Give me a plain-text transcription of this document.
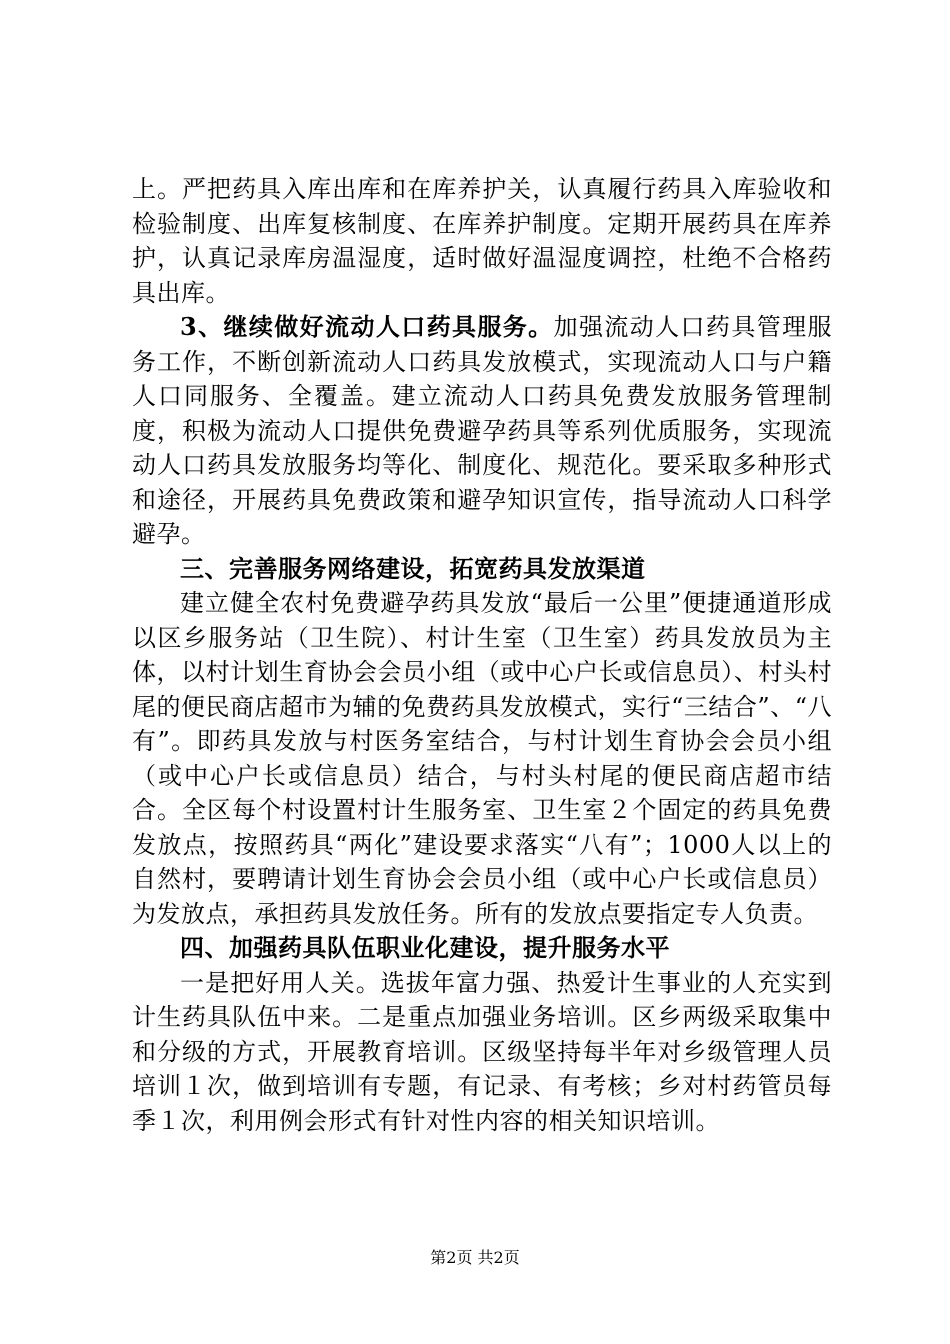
上。严把药具入库出库和在库养护关，认真履行药具入库验收和检验制度、出库复核制度、在库养护制度。定期开展药具在库养护，认真记录库房温湿度，适时做好温湿度调控，杜绝不合格药具出库。

3、继续做好流动人口药具服务。加强流动人口药具管理服务工作，不断创新流动人口药具发放模式，实现流动人口与户籍人口同服务、全覆盖。建立流动人口药具免费发放服务管理制度，积极为流动人口提供免费避孕药具等系列优质服务，实现流动人口药具发放服务均等化、制度化、规范化。要采取多种形式和途径，开展药具免费政策和避孕知识宣传，指导流动人口科学避孕。

三、完善服务网络建设，拓宽药具发放渠道

建立健全农村免费避孕药具发放“最后一公里”便捷通道形成以区乡服务站（卫生院）、村计生室（卫生室）药具发放员为主体，以村计划生育协会会员小组（或中心户长或信息员）、村头村尾的便民商店超市为辅的免费药具发放模式，实行“三结合”、“八有”。即药具发放与村医务室结合，与村计划生育协会会员小组（或中心户长或信息员）结合，与村头村尾的便民商店超市结合。全区每个村设置村计生服务室、卫生室２个固定的药具免费发放点，按照药具“两化”建设要求落实“八有”；1000人以上的自然村，要聘请计划生育协会会员小组（或中心户长或信息员）为发放点，承担药具发放任务。所有的发放点要指定专人负责。

四、加强药具队伍职业化建设，提升服务水平

一是把好用人关。选拔年富力强、热爱计生事业的人充实到计生药具队伍中来。二是重点加强业务培训。区乡两级采取集中和分级的方式，开展教育培训。区级坚持每半年对乡级管理人员培训１次，做到培训有专题，有记录、有考核；乡对村药管员每季１次，利用例会形式有针对性内容的相关知识培训。

第2页 共2页
